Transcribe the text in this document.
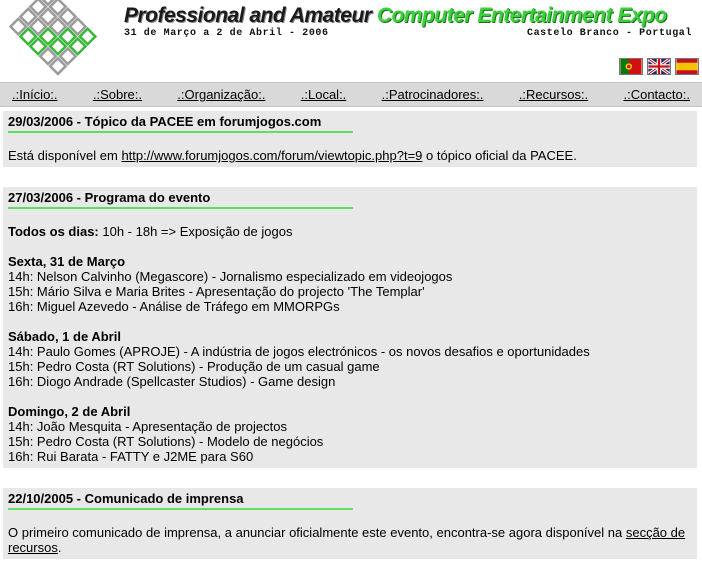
Professional and Amateur Computer Entertainment Expo
31 de Março a 2 de Abril - 2006	Castelo Branco - Portugal
.:Início:.	.:Sobre:.	.:Organização:.	.:Local:.	.:Patrocinadores:.	.:Recursos:.	.:Contacto:.
29/03/2006 - Tópico da PACEE em forumjogos.com
Está disponível em http://www.forumjogos.com/forum/viewtopic.php?t=9 o tópico oficial da PACEE.
27/03/2006 - Programa do evento
Todos os dias: 10h - 18h => Exposição de jogos
Sexta, 31 de Março
14h: Nelson Calvinho (Megascore) - Jornalismo especializado em videojogos
15h: Mário Silva e Maria Brites - Apresentação do projecto 'The Templar'
16h: Miguel Azevedo - Análise de Tráfego em MMORPGs
Sábado, 1 de Abril
14h: Paulo Gomes (APROJE) - A indústria de jogos electrónicos - os novos desafios e oportunidades
15h: Pedro Costa (RT Solutions) - Produção de um casual game
16h: Diogo Andrade (Spellcaster Studios) - Game design
Domingo, 2 de Abril
14h: João Mesquita - Apresentação de projectos
15h: Pedro Costa (RT Solutions) - Modelo de negócios
16h: Rui Barata - FATTY e J2ME para S60
22/10/2005 - Comunicado de imprensa
O primeiro comunicado de imprensa, a anunciar oficialmente este evento, encontra-se agora disponível na secção de recursos.
